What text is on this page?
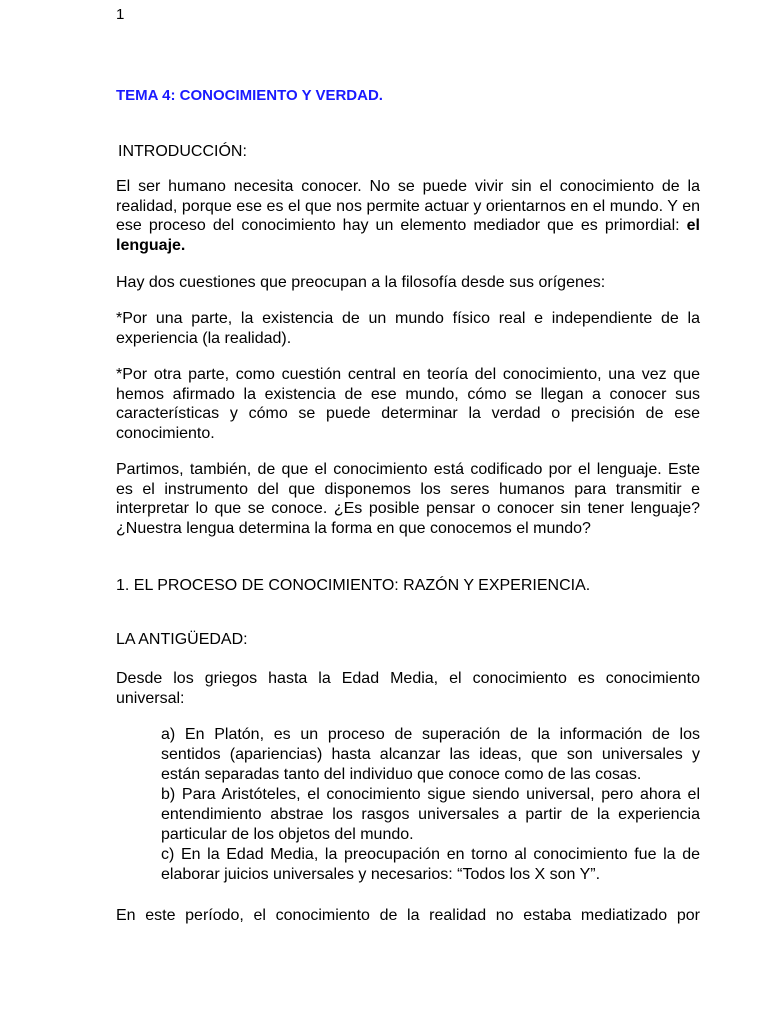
1
TEMA 4: CONOCIMIENTO Y VERDAD.

INTRODUCCIÓN:

El ser humano necesita conocer. No se puede vivir sin el conocimiento de la realidad, porque ese es el que nos permite actuar y orientarnos en el mundo. Y en ese proceso del conocimiento hay un elemento mediador que es primordial: el lenguaje.

Hay dos cuestiones que preocupan a la filosofía desde sus orígenes:

*Por una parte, la existencia de un mundo físico real e independiente de la experiencia (la realidad).

*Por otra parte, como cuestión central en teoría del conocimiento, una vez que hemos afirmado la existencia de ese mundo, cómo se llegan a conocer sus características y cómo se puede determinar la verdad o precisión de ese conocimiento.

Partimos, también, de que el conocimiento está codificado por el lenguaje. Este es el instrumento del que disponemos los seres humanos para transmitir e interpretar lo que se conoce. ¿Es posible pensar o conocer sin tener lenguaje?¿Nuestra lengua determina la forma en que conocemos el mundo?

1. EL PROCESO DE CONOCIMIENTO: RAZÓN Y EXPERIENCIA.

LA ANTIGÜEDAD:

Desde los griegos hasta la Edad Media, el conocimiento es conocimiento universal:

a) En Platón, es un proceso de superación de la información de los sentidos (apariencias) hasta alcanzar las ideas, que son universales y están separadas tanto del individuo que conoce como de las cosas.

b) Para Aristóteles, el conocimiento sigue siendo universal, pero ahora el entendimiento abstrae los rasgos universales a partir de la experiencia particular de los objetos del mundo.

c) En la Edad Media, la preocupación en torno al conocimiento fue la de elaborar juicios universales y necesarios: “Todos los X son Y”.

En este período, el conocimiento de la realidad no estaba mediatizado por
